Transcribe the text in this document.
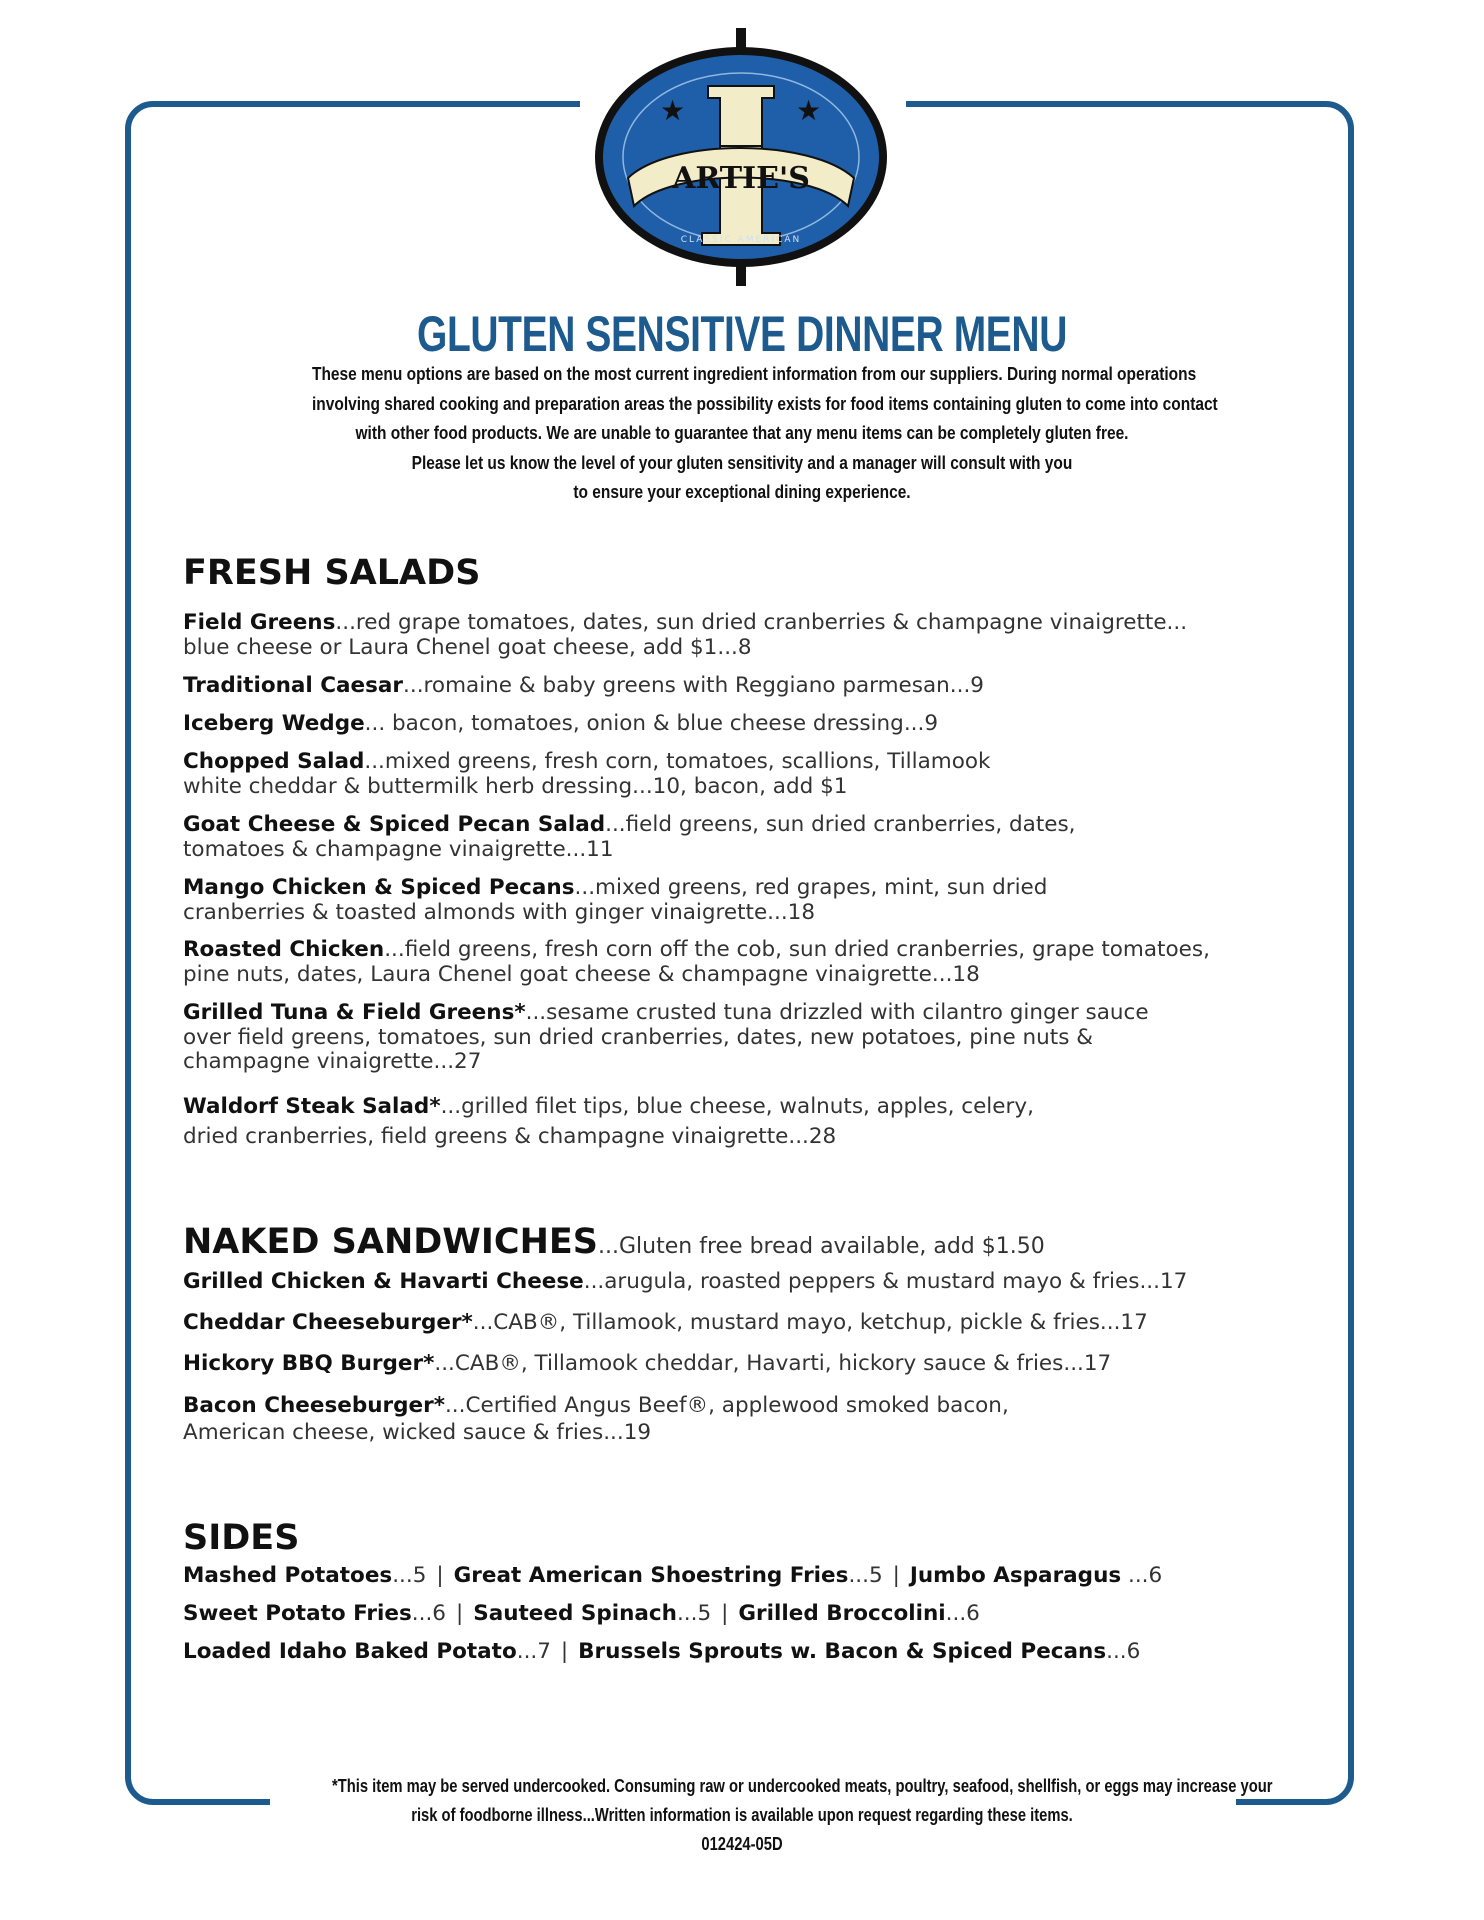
★	★
ARTIE'S
CLASSIC AMERICAN
GLUTEN SENSITIVE DINNER MENU
These menu options are based on the most current ingredient information from our suppliers. During normal operations
involving shared cooking and preparation areas the possibility exists for food items containing gluten to come into contact
with other food products. We are unable to guarantee that any menu items can be completely gluten free.
Please let us know the level of your gluten sensitivity and a manager will consult with you
to ensure your exceptional dining experience.
FRESH SALADS
Field Greens...red grape tomatoes, dates, sun dried cranberries & champagne vinaigrette...
blue cheese or Laura Chenel goat cheese, add $1...8
Traditional Caesar...romaine & baby greens with Reggiano parmesan...9
Iceberg Wedge... bacon, tomatoes, onion & blue cheese dressing...9
Chopped Salad...mixed greens, fresh corn, tomatoes, scallions, Tillamook
white cheddar & buttermilk herb dressing...10, bacon, add $1
Goat Cheese & Spiced Pecan Salad...field greens, sun dried cranberries, dates,
tomatoes & champagne vinaigrette...11
Mango Chicken & Spiced Pecans...mixed greens, red grapes, mint, sun dried
cranberries & toasted almonds with ginger vinaigrette...18
Roasted Chicken...field greens, fresh corn off the cob, sun dried cranberries, grape tomatoes,
pine nuts, dates, Laura Chenel goat cheese & champagne vinaigrette...18
Grilled Tuna & Field Greens*...sesame crusted tuna drizzled with cilantro ginger sauce
over field greens, tomatoes, sun dried cranberries, dates, new potatoes, pine nuts &
champagne vinaigrette...27
Waldorf Steak Salad*...grilled filet tips, blue cheese, walnuts, apples, celery,
dried cranberries, field greens & champagne vinaigrette...28
NAKED SANDWICHES...Gluten free bread available, add $1.50
Grilled Chicken & Havarti Cheese...arugula, roasted peppers & mustard mayo & fries...17
Cheddar Cheeseburger*...CAB®, Tillamook, mustard mayo, ketchup, pickle & fries...17
Hickory BBQ Burger*...CAB®, Tillamook cheddar, Havarti, hickory sauce & fries...17
Bacon Cheeseburger*...Certified Angus Beef®, applewood smoked bacon,
American cheese, wicked sauce & fries...19
SIDES
Mashed Potatoes...5 | Great American Shoestring Fries...5 | Jumbo Asparagus ...6
Sweet Potato Fries...6 | Sauteed Spinach...5 | Grilled Broccolini...6
Loaded Idaho Baked Potato...7 | Brussels Sprouts w. Bacon & Spiced Pecans...6
*This item may be served undercooked. Consuming raw or undercooked meats, poultry, seafood, shellfish, or eggs may increase your
risk of foodborne illness...Written information is available upon request regarding these items.
012424-05D
